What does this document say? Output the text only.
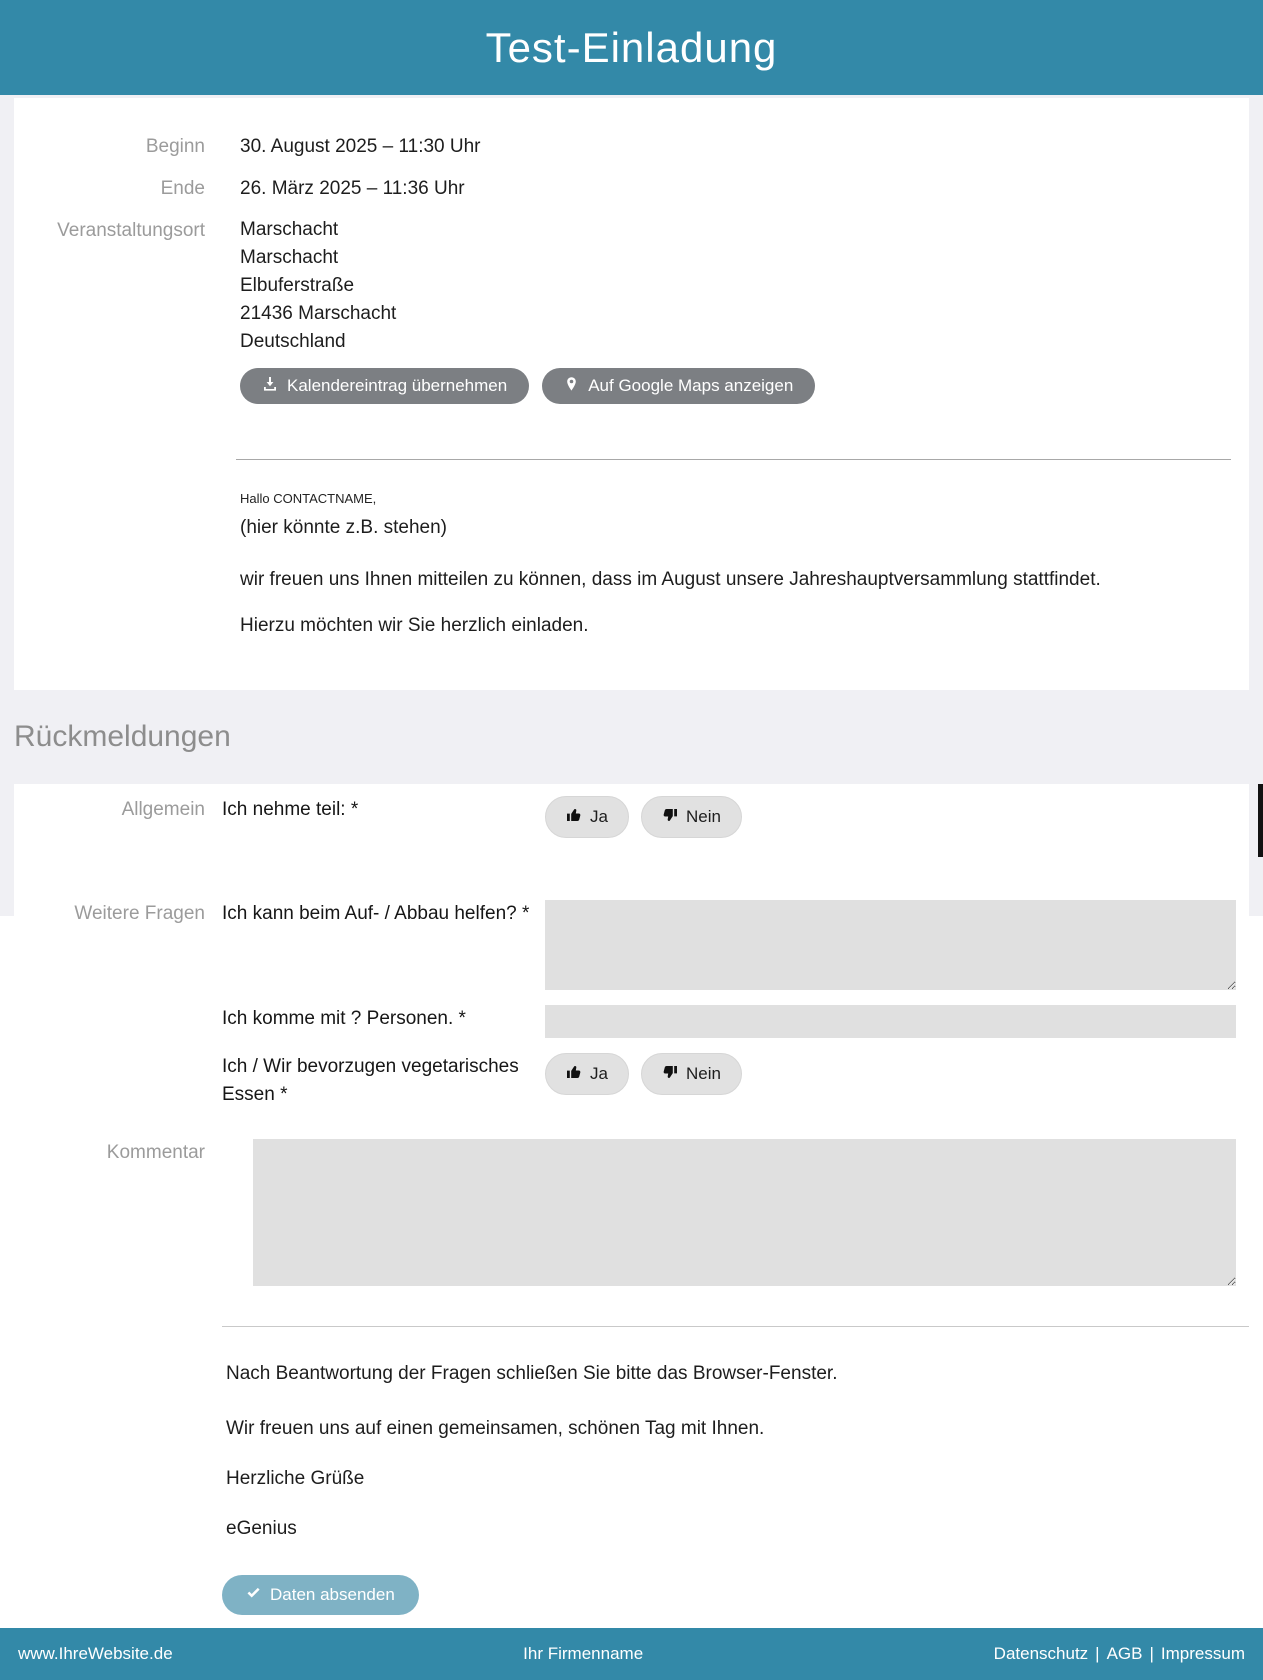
Test-Einladung
Beginn 30. August 2025 – 11:30 Uhr
Ende 26. März 2025 – 11:36 Uhr
Veranstaltungsort Marschacht
Marschacht
Elbuferstraße
21436 Marschacht
Deutschland
Kalendereintrag übernehmen	Auf Google Maps anzeigen
Hallo CONTACTNAME,
(hier könnte z.B. stehen)

wir freuen uns Ihnen mitteilen zu können, dass im August unsere Jahreshauptversammlung stattfindet.

Hierzu möchten wir Sie herzlich einladen.

Rückmeldungen
Allgemein Ich nehme teil: *	Ja	Nein
Weitere Fragen Ich kann beim Auf- / Abbau helfen? *
Ich komme mit ? Personen. *
Ich / Wir bevorzugen vegetarisches Essen *
Ja	Nein
Kommentar

Nach Beantwortung der Fragen schließen Sie bitte das Browser-Fenster.

Wir freuen uns auf einen gemeinsamen, schönen Tag mit Ihnen.

Herzliche Grüße

eGenius

Daten absenden
www.IhreWebsite.de	Ihr Firmenname	Datenschutz | AGB | Impressum
